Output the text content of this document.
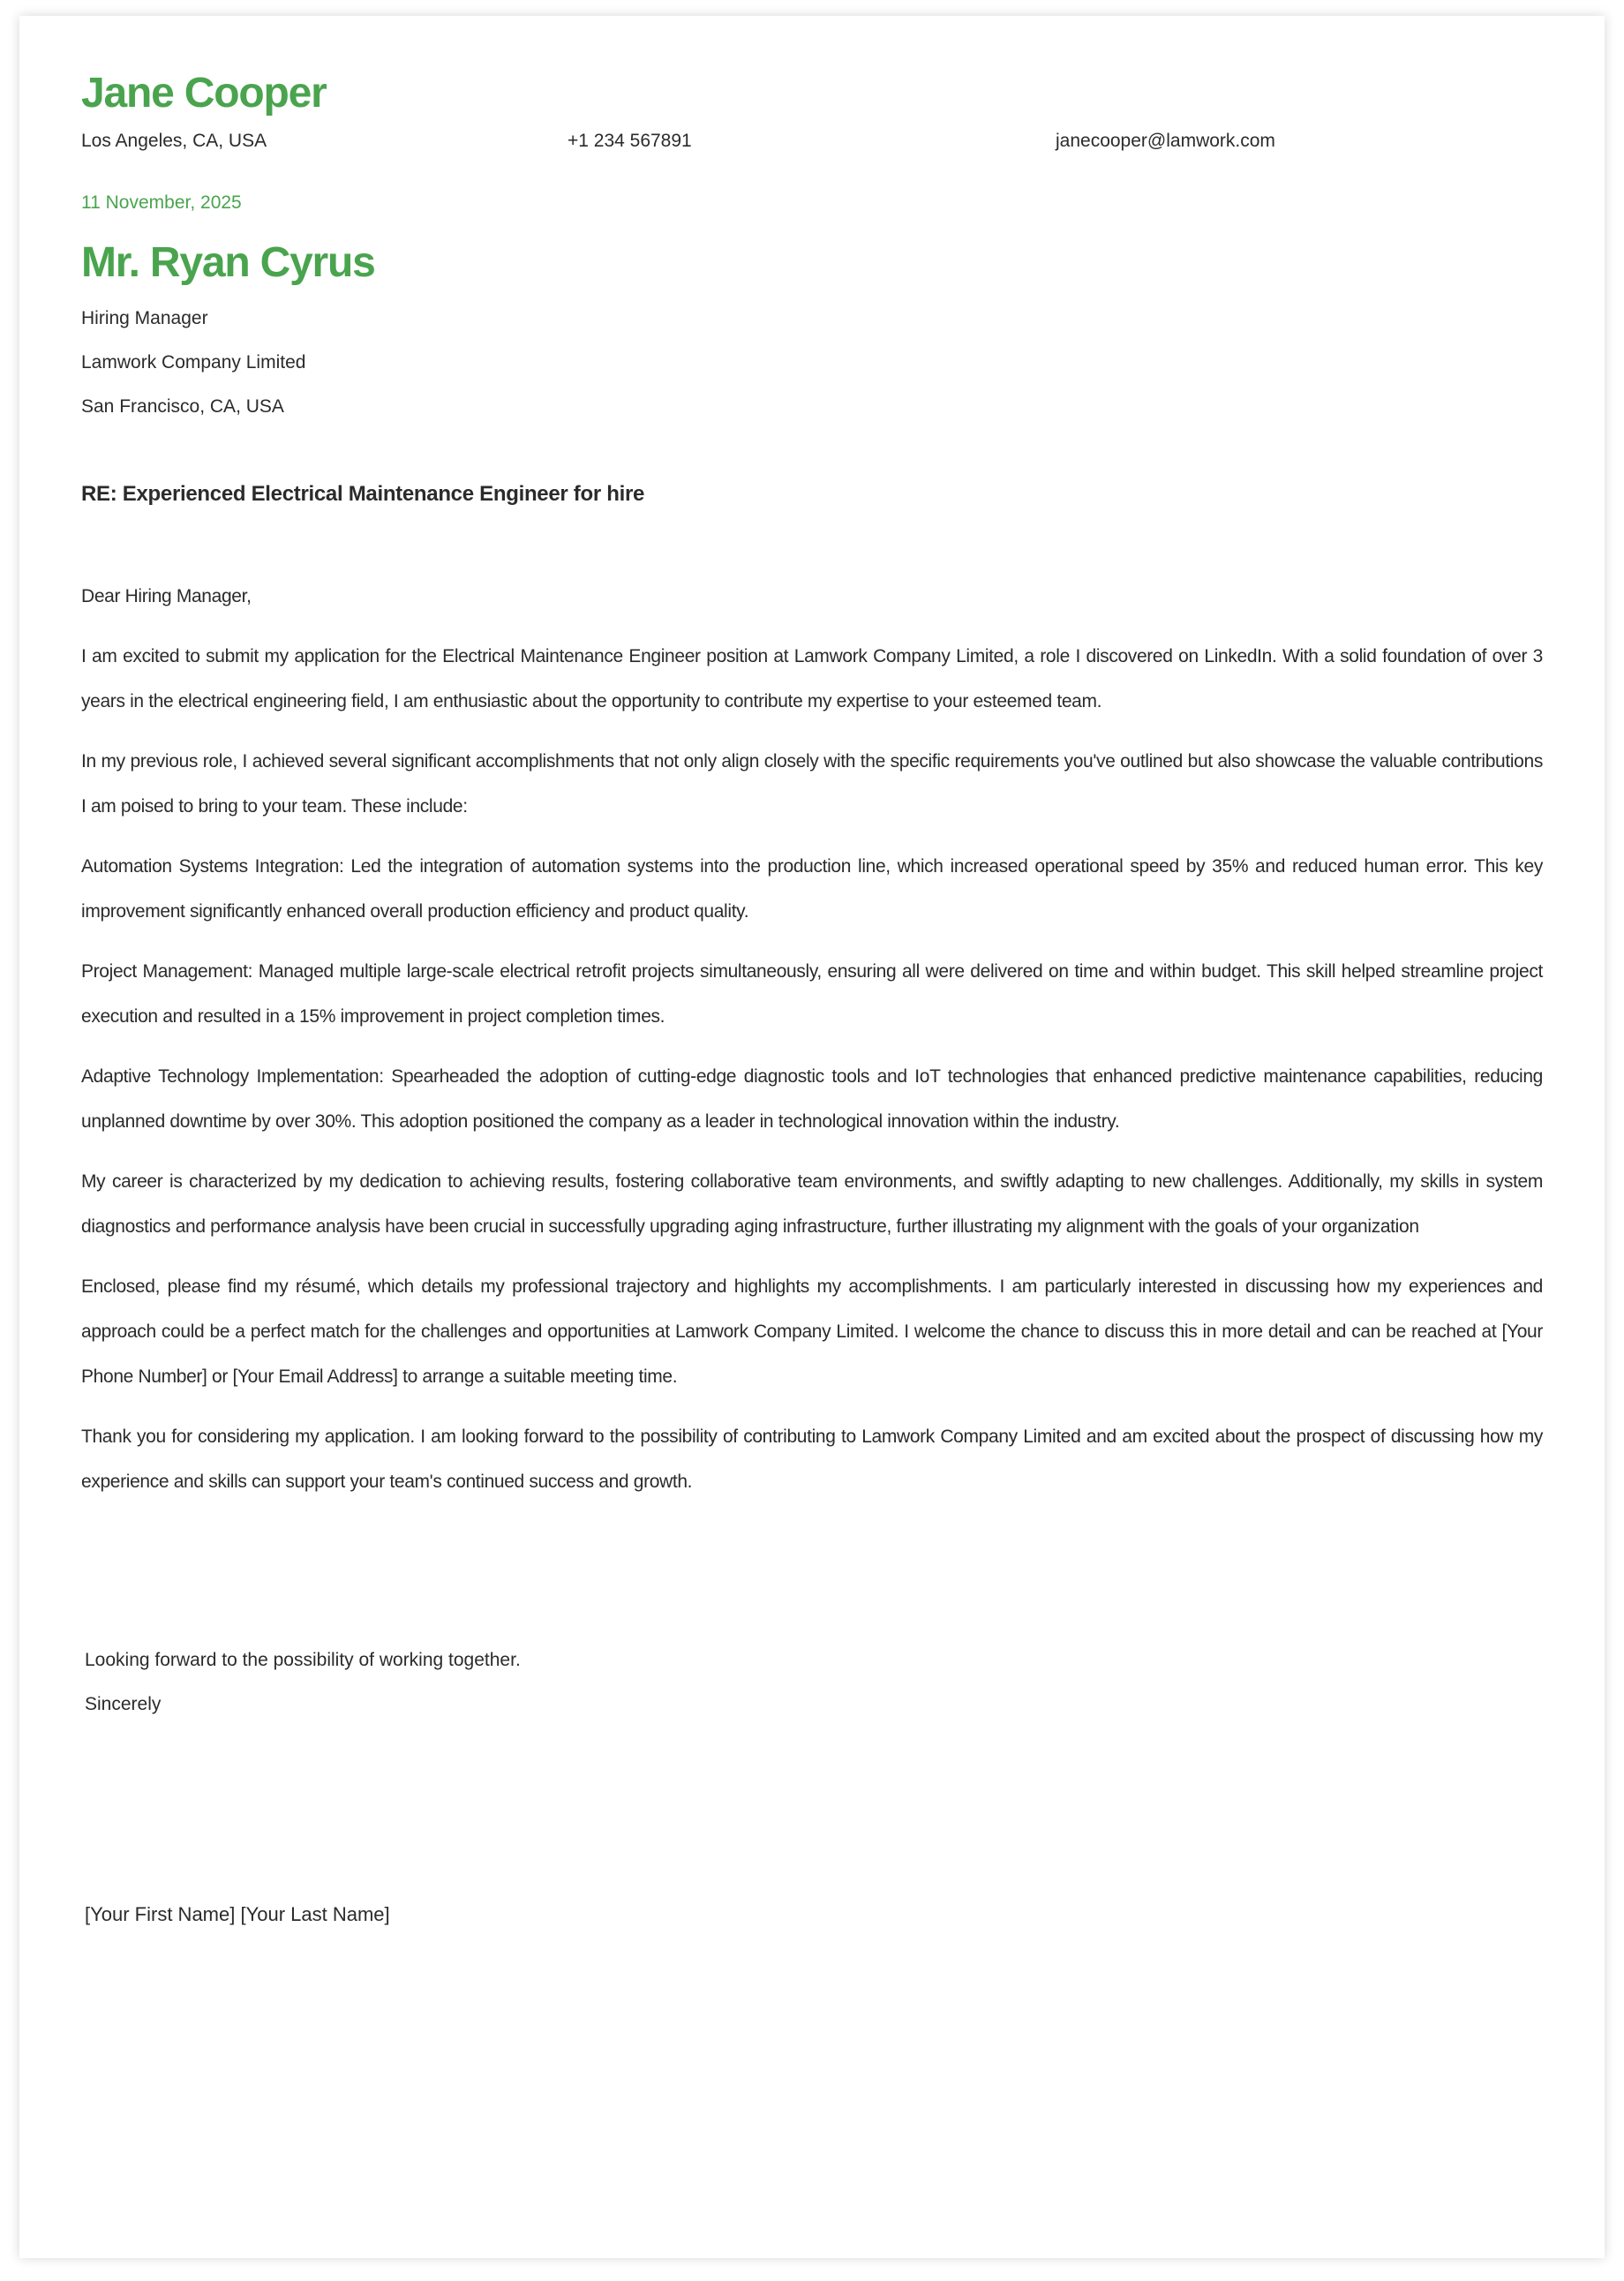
Jane Cooper
Los Angeles, CA, USA	+1 234 567891	janecooper@lamwork.com
11 November, 2025
Mr. Ryan Cyrus
Hiring Manager
Lamwork Company Limited
San Francisco, CA, USA
RE: Experienced Electrical Maintenance Engineer for hire

Dear Hiring Manager,

I am excited to submit my application for the Electrical Maintenance Engineer position at Lamwork Company Limited, a role I discovered on LinkedIn. With a solid foundation of over 3 years in the electrical engineering field, I am enthusiastic about the opportunity to contribute my expertise to your esteemed team.

In my previous role, I achieved several significant accomplishments that not only align closely with the specific requirements you've outlined but also showcase the valuable contributions I am poised to bring to your team. These include:

Automation Systems Integration: Led the integration of automation systems into the production line, which increased operational speed by 35% and reduced human error. This key improvement significantly enhanced overall production efficiency and product quality.

Project Management: Managed multiple large-scale electrical retrofit projects simultaneously, ensuring all were delivered on time and within budget. This skill helped streamline project execution and resulted in a 15% improvement in project completion times.

Adaptive Technology Implementation: Spearheaded the adoption of cutting-edge diagnostic tools and IoT technologies that enhanced predictive maintenance capabilities, reducing unplanned downtime by over 30%. This adoption positioned the company as a leader in technological innovation within the industry.

My career is characterized by my dedication to achieving results, fostering collaborative team environments, and swiftly adapting to new challenges. Additionally, my skills in system diagnostics and performance analysis have been crucial in successfully upgrading aging infrastructure, further illustrating my alignment with the goals of your organization

Enclosed, please find my résumé, which details my professional trajectory and highlights my accomplishments. I am particularly interested in discussing how my experiences and approach could be a perfect match for the challenges and opportunities at Lamwork Company Limited. I welcome the chance to discuss this in more detail and can be reached at [Your Phone Number] or [Your Email Address] to arrange a suitable meeting time.

Thank you for considering my application. I am looking forward to the possibility of contributing to Lamwork Company Limited and am excited about the prospect of discussing how my experience and skills can support your team's continued success and growth.

Looking forward to the possibility of working together.
Sincerely
[Your First Name] [Your Last Name]
